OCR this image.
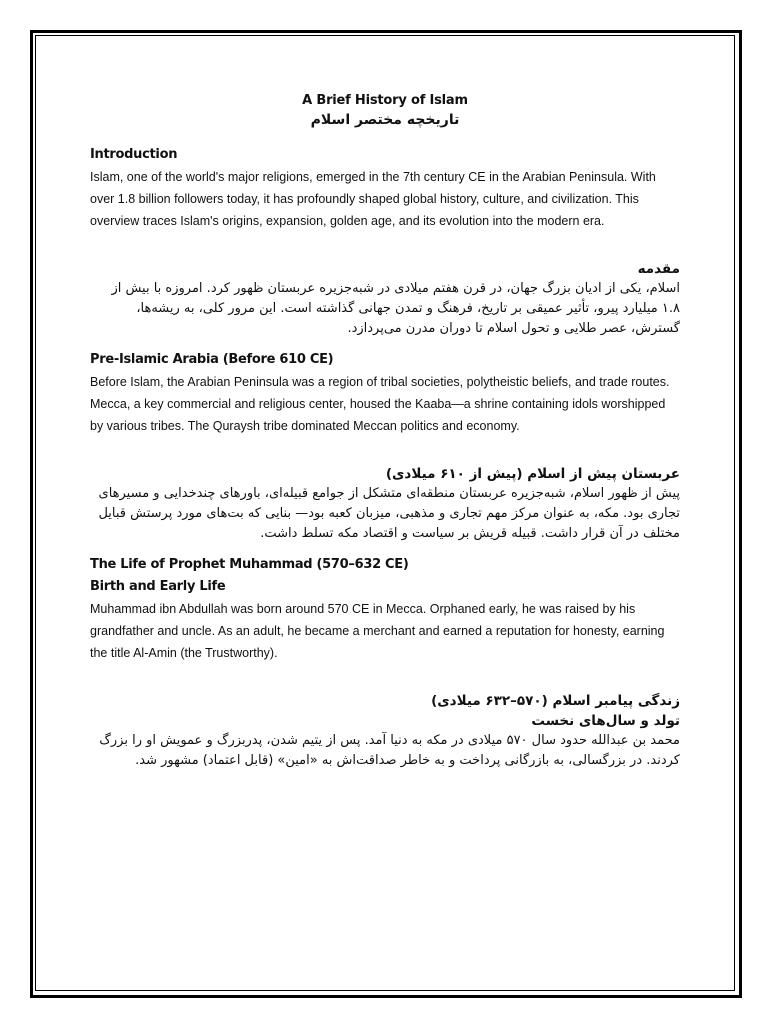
A Brief History of Islam
تاریخچه مختصر اسلام
Introduction

Islam, one of the world's major religions, emerged in the 7th century CE in the Arabian Peninsula. With over 1.8 billion followers today, it has profoundly shaped global history, culture, and civilization. This overview traces Islam's origins, expansion, golden age, and its evolution into the modern era.

مقدمه
اسلام، یکی از ادیان بزرگ جهان، در قرن هفتم میلادی در شبه‌جزیره عربستان ظهور کرد. امروزه با بیش از ۱.۸ میلیارد پیرو، تأثیر عمیقی بر تاریخ، فرهنگ و تمدن جهانی گذاشته است. این مرور کلی، به ریشه‌ها، گسترش، عصر طلایی و تحول اسلام تا دوران مدرن می‌پردازد.
Pre-Islamic Arabia (Before 610 CE)

Before Islam, the Arabian Peninsula was a region of tribal societies, polytheistic beliefs, and trade routes. Mecca, a key commercial and religious center, housed the Kaaba—a shrine containing idols worshipped by various tribes. The Quraysh tribe dominated Meccan politics and economy.

عربستان پیش از اسلام (پیش از ۶۱۰ میلادی)
پیش از ظهور اسلام، شبه‌جزیره عربستان منطقه‌ای متشکل از جوامع قبیله‌ای، باورهای چندخدایی و مسیرهای تجاری بود. مکه، به عنوان مرکز مهم تجاری و مذهبی، میزبان کعبه بود— بنایی که بت‌های مورد پرستش قبایل مختلف در آن قرار داشت. قبیله قریش بر سیاست و اقتصاد مکه تسلط داشت.
The Life of Prophet Muhammad (570–632 CE)
Birth and Early Life

Muhammad ibn Abdullah was born around 570 CE in Mecca. Orphaned early, he was raised by his grandfather and uncle. As an adult, he became a merchant and earned a reputation for honesty, earning the title Al-Amin (the Trustworthy).

زندگی پیامبر اسلام (۵۷۰–۶۳۲ میلادی)
تولد و سال‌های نخست
محمد بن عبدالله حدود سال ۵۷۰ میلادی در مکه به دنیا آمد. پس از یتیم شدن، پدربزرگ و عمویش او را بزرگ کردند. در بزرگسالی، به بازرگانی پرداخت و به خاطر صداقت‌اش به «امین» (قابل اعتماد) مشهور شد.
